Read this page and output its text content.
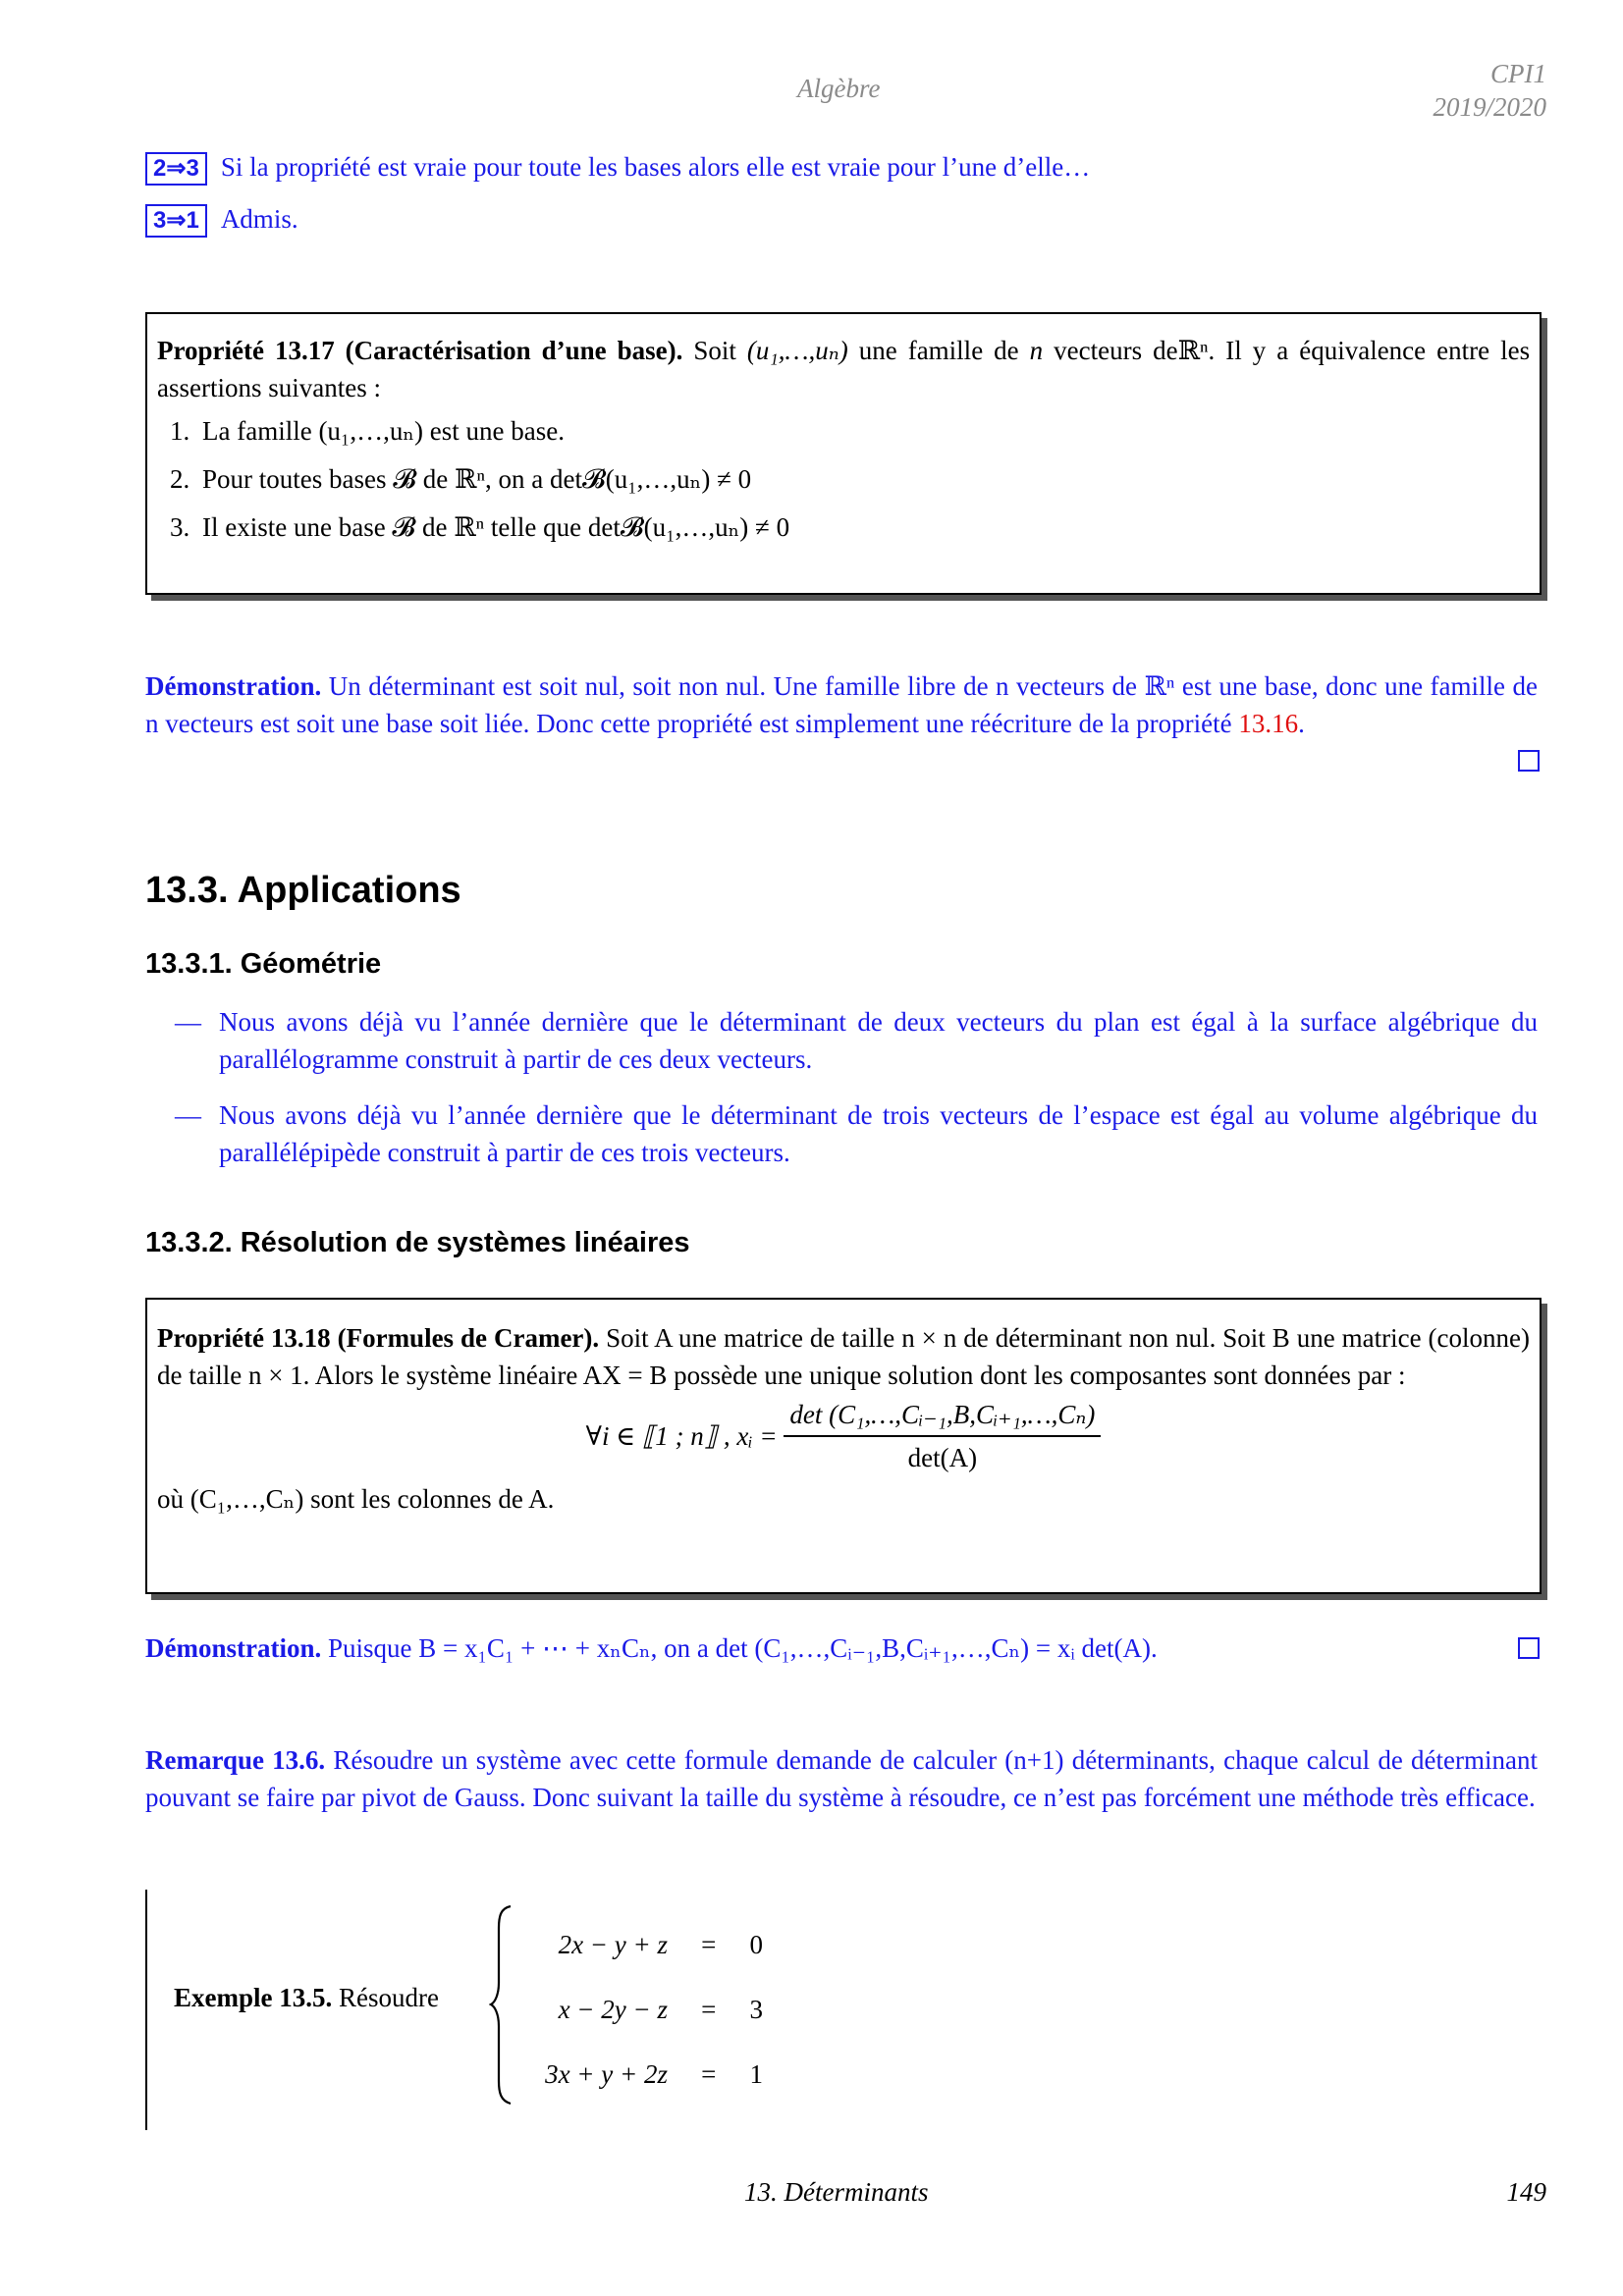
Algèbre	CPI1
2019/2020
2⇒3 Si la propriété est vraie pour toute les bases alors elle est vraie pour l’une d’elle…
3⇒1 Admis.
Propriété 13.17 (Caractérisation d’une base). Soit (u₁,…,uₙ) une famille de n vecteurs deℝⁿ. Il y a équivalence entre les assertions suivantes :
1. La famille (u₁,…,uₙ) est une base.
2. Pour toutes bases 𝓑 de ℝⁿ, on a det𝓑(u₁,…,uₙ) ≠ 0
3. Il existe une base 𝓑 de ℝⁿ telle que det𝓑(u₁,…,uₙ) ≠ 0
Démonstration. Un déterminant est soit nul, soit non nul. Une famille libre de n vecteurs de ℝⁿ est une base, donc une famille de n vecteurs est soit une base soit liée. Donc cette propriété est simplement une réécriture de la propriété 13.16.
13.3. Applications
13.3.1. Géométrie
— Nous avons déjà vu l’année dernière que le déterminant de deux vecteurs du plan est égal à la surface algébrique du parallélogramme construit à partir de ces deux vecteurs.
— Nous avons déjà vu l’année dernière que le déterminant de trois vecteurs de l’espace est égal au volume algébrique du parallélépipède construit à partir de ces trois vecteurs.
13.3.2. Résolution de systèmes linéaires
Propriété 13.18 (Formules de Cramer). Soit A une matrice de taille n × n de déterminant non nul. Soit B une matrice (colonne) de taille n × 1. Alors le système linéaire AX = B possède une unique solution dont les composantes sont données par :
∀i ∈ ⟦1 ; n⟧ , xᵢ = $\frac{\text{det (C₁,…,Cᵢ₋₁,B,Cᵢ₊₁,…,Cₙ)}}{\det(A)}$
où (C₁,…,Cₙ) sont les colonnes de A.
Démonstration. Puisque B = x₁C₁ + ⋯ + xₙCₙ, on a det (C₁,…,Cᵢ₋₁,B,Cᵢ₊₁,…,Cₙ) = xᵢ det(A).
Remarque 13.6. Résoudre un système avec cette formule demande de calculer (n+1) déterminants, chaque calcul de déterminant pouvant se faire par pivot de Gauss. Donc suivant la taille du système à résoudre, ce n’est pas forcément une méthode très efficace.
Exemple 13.5. Résoudre
2x − y + z = 0
x − 2y − z = 3
3x + y + 2z = 1
13. Déterminants	149
